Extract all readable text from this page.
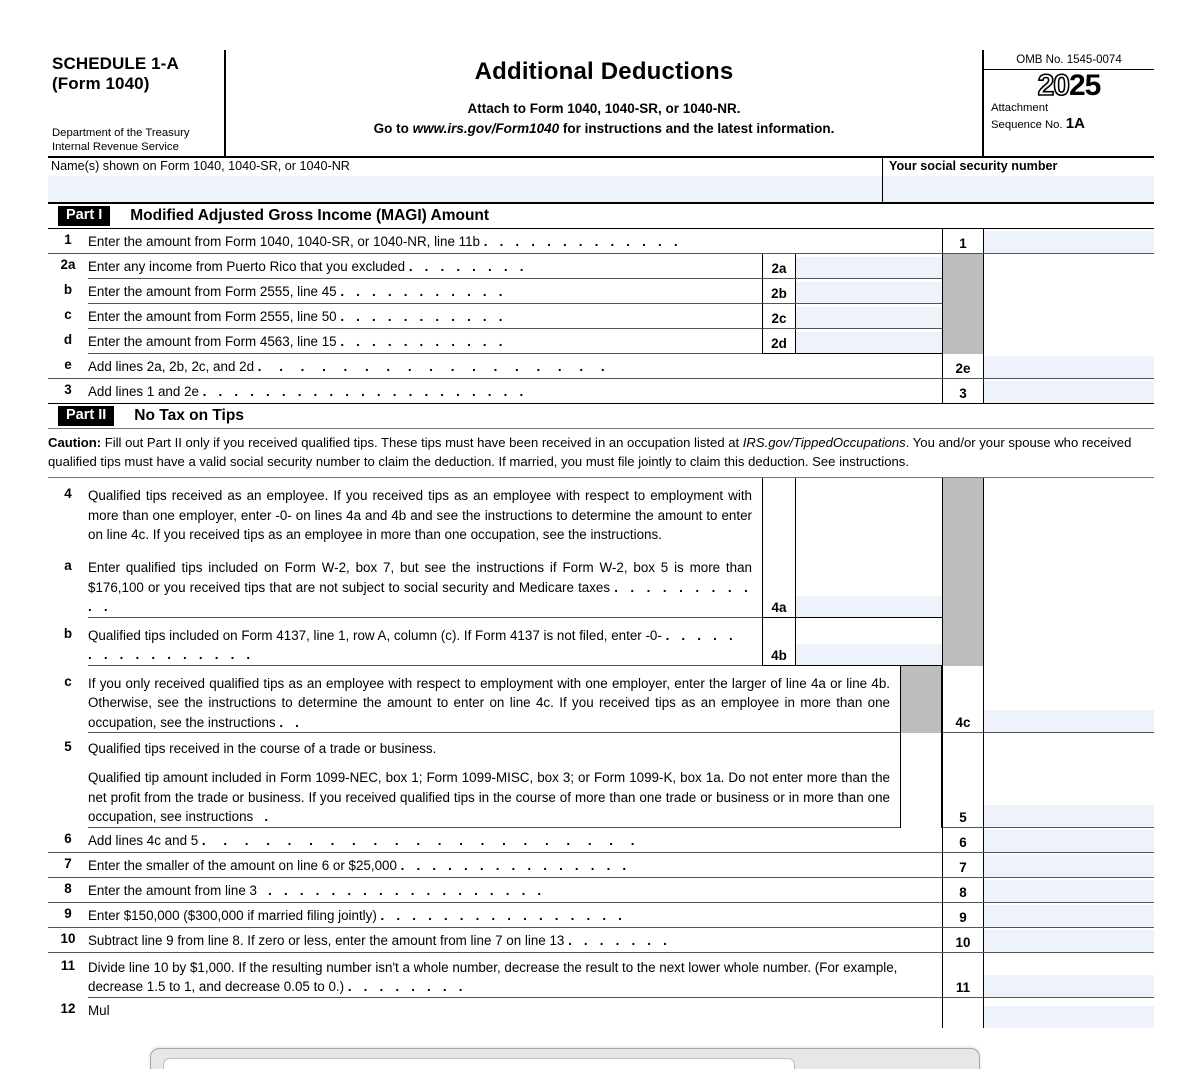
SCHEDULE 1-A
(Form 1040)
Department of the Treasury
Internal Revenue Service
Additional Deductions
Attach to Form 1040, 1040-SR, or 1040-NR.
Go to www.irs.gov/Form1040 for instructions and the latest information.
OMB No. 1545-0074
2025
Attachment
Sequence No. 1A
Name(s) shown on Form 1040, 1040-SR, or 1040-NR	Your social security number
Part I	Modified Adjusted Gross Income (MAGI) Amount
1	Enter the amount from Form 1040, 1040-SR, or 1040-NR, line 11b . . . . . . . . . . . . .	1
2a Enter any income from Puerto Rico that you excluded . . . . . . . .	2a
b	Enter the amount from Form 2555, line 45 . . . . . . . . . . .	2b
c	Enter the amount from Form 2555, line 50 . . . . . . . . . . .	2c
d	Enter the amount from Form 4563, line 15 . . . . . . . . . . .	2d
e	Add lines 2a, 2b, 2c, and 2d . . . . . . . . . . . . . . . . .	2e
3	Add lines 1 and 2e . . . . . . . . . . . . . . . . . . . . .	3
Part II	No Tax on Tips
Caution: Fill out Part II only if you received qualified tips. These tips must have been received in an occupation listed at IRS.gov/TippedOccupations. You and/or your spouse who received qualified tips must have a valid social security number to claim the deduction. If married, you must file jointly to claim this deduction. See instructions.
4	Qualified tips received as an employee. If you received tips as an employee with respect to employment with more than one employer, enter -0- on lines 4a and 4b and see the instructions to determine the amount to enter on line 4c. If you received tips as an employee in more than one occupation, see the instructions.
a	Enter qualified tips included on Form W-2, box 7, but see the instructions if Form W-2, box 5 is more than $176,100 or you received tips that are not subject to social security and Medicare taxes . . . . . . . . . . .	4a
b	Qualified tips included on Form 4137, line 1, row A, column (c). If Form 4137 is not filed, enter -0- . . . . . . . . . . . . . . . .	4b
c	If you only received qualified tips as an employee with respect to employment with one employer, enter the larger of line 4a or line 4b. Otherwise, see the instructions to determine the amount to enter on line 4c. If you received tips as an employee in more than one occupation, see the instructions . .	4c
5	Qualified tips received in the course of a trade or business.

Qualified tip amount included in Form 1099-NEC, box 1; Form 1099-MISC, box 3; or Form 1099-K, box 1a. Do not enter more than the net profit from the trade or business. If you received qualified tips in the course of more than one trade or business or in more than one occupation, see instructions .	5
6	Add lines 4c and 5 . . . . . . . . . . . . . . . . . . . . .	6
7	Enter the smaller of the amount on line 6 or $25,000 . . . . . . . . . . . . . . .	7
8	Enter the amount from line 3 . . . . . . . . . . . . . . . . . .	8
9	Enter $150,000 ($300,000 if married filing jointly) . . . . . . . . . . . . . . . .	9
10 Subtract line 9 from line 8. If zero or less, enter the amount from line 7 on line 13 . . . . . . .	10
11 Divide line 10 by $1,000. If the resulting number isn't a whole number, decrease the result to the next lower whole number. (For example, decrease 1.5 to 1, and decrease 0.05 to 0.) . . . . . . . .	11
12 Mul
